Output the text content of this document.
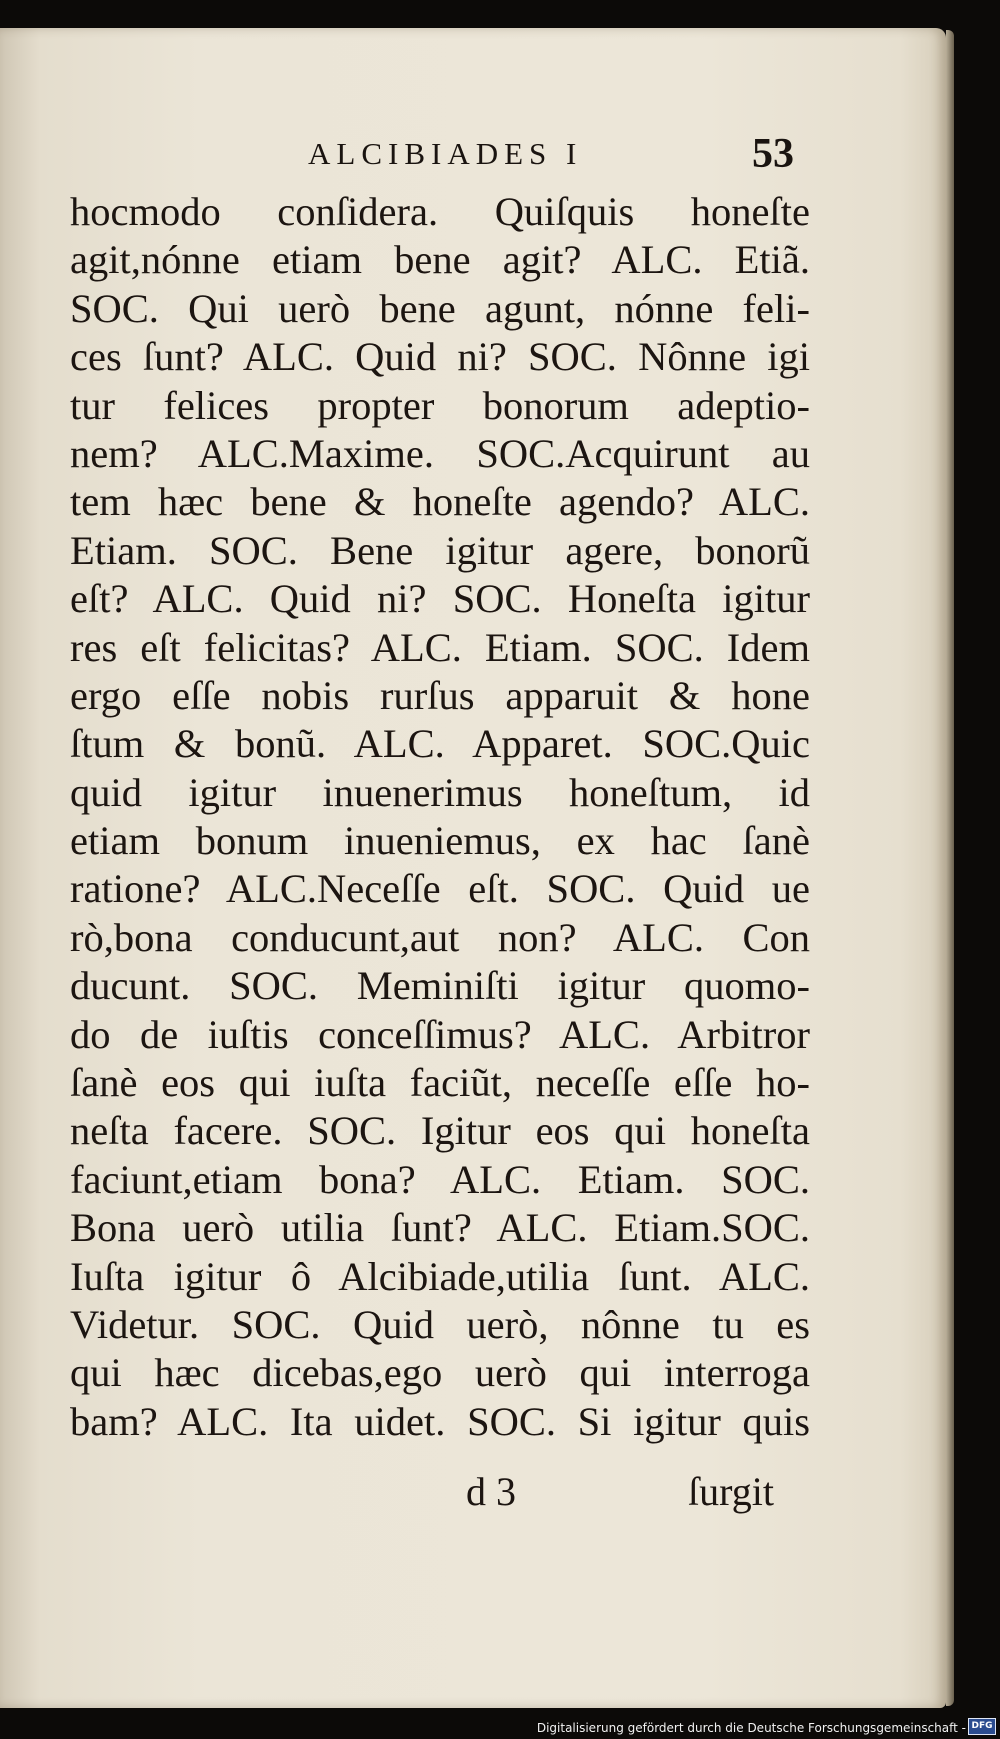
ALCIBIADES I	53
hocmodo conſidera. Quiſquis honeſte
agit,nónne etiam bene agit? ALC. Etiã.
SOC. Qui uerò bene agunt, nónne feli-
ces ſunt? ALC. Quid ni? SOC. Nônne igi
tur felices propter bonorum adeptio-
nem? ALC.Maxime. SOC.Acquirunt au
tem hæc bene & honeſte agendo? ALC.
Etiam. SOC. Bene igitur agere, bonorũ
eſt? ALC. Quid ni? SOC. Honeſta igitur
res eſt felicitas? ALC. Etiam. SOC. Idem
ergo eſſe nobis rurſus apparuit & hone
ſtum & bonũ. ALC. Apparet. SOC.Quic
quid igitur inuenerimus honeſtum, id
etiam bonum inueniemus, ex hac ſanè
ratione? ALC.Neceſſe eſt. SOC. Quid ue
rò,bona conducunt,aut non? ALC. Con
ducunt. SOC. Meminiſti igitur quomo-
do de iuſtis conceſſimus? ALC. Arbitror
ſanè eos qui iuſta faciũt, neceſſe eſſe ho-
neſta facere. SOC. Igitur eos qui honeſta
faciunt,etiam bona? ALC. Etiam. SOC.
Bona uerò utilia ſunt? ALC. Etiam.SOC.
Iuſta igitur ô Alcibiade,utilia ſunt. ALC.
Videtur. SOC. Quid uerò, nônne tu es
qui hæc dicebas,ego uerò qui interroga
bam? ALC. Ita uidet. SOC. Si igitur quis
d 3	ſurgit
Digitalisierung gefördert durch die Deutsche Forschungsgemeinschaft - DFG
